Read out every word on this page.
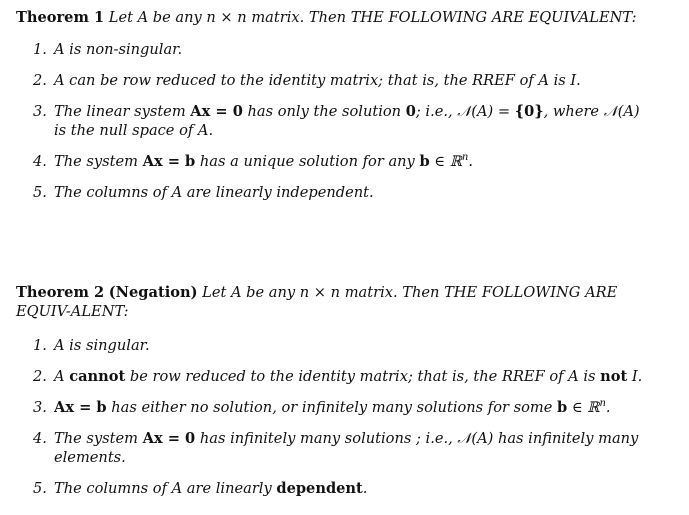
Theorem 1 Let A be any n × n matrix. Then THE FOLLOWING ARE EQUIVALENT:

1. A is non-singular.
2. A can be row reduced to the identity matrix; that is, the RREF of A is I.
3. The linear system Ax = 0 has only the solution 0; i.e., 𝒩(A) = {0}, where 𝒩(A) is the null space of A.
4. The system Ax = b has a unique solution for any b ∈ ℝ$^n$.
5. The columns of A are linearly independent.

Theorem 2 (Negation) Let A be any n × n matrix. Then THE FOLLOWING ARE EQUIV-ALENT:

1. A is singular.
2. A cannot be row reduced to the identity matrix; that is, the RREF of A is not I.
3. Ax = b has either no solution, or infinitely many solutions for some b ∈ ℝ$^n$.
4. The system Ax = 0 has infinitely many solutions ; i.e., 𝒩(A) has infinitely many elements.
5. The columns of A are linearly dependent.
